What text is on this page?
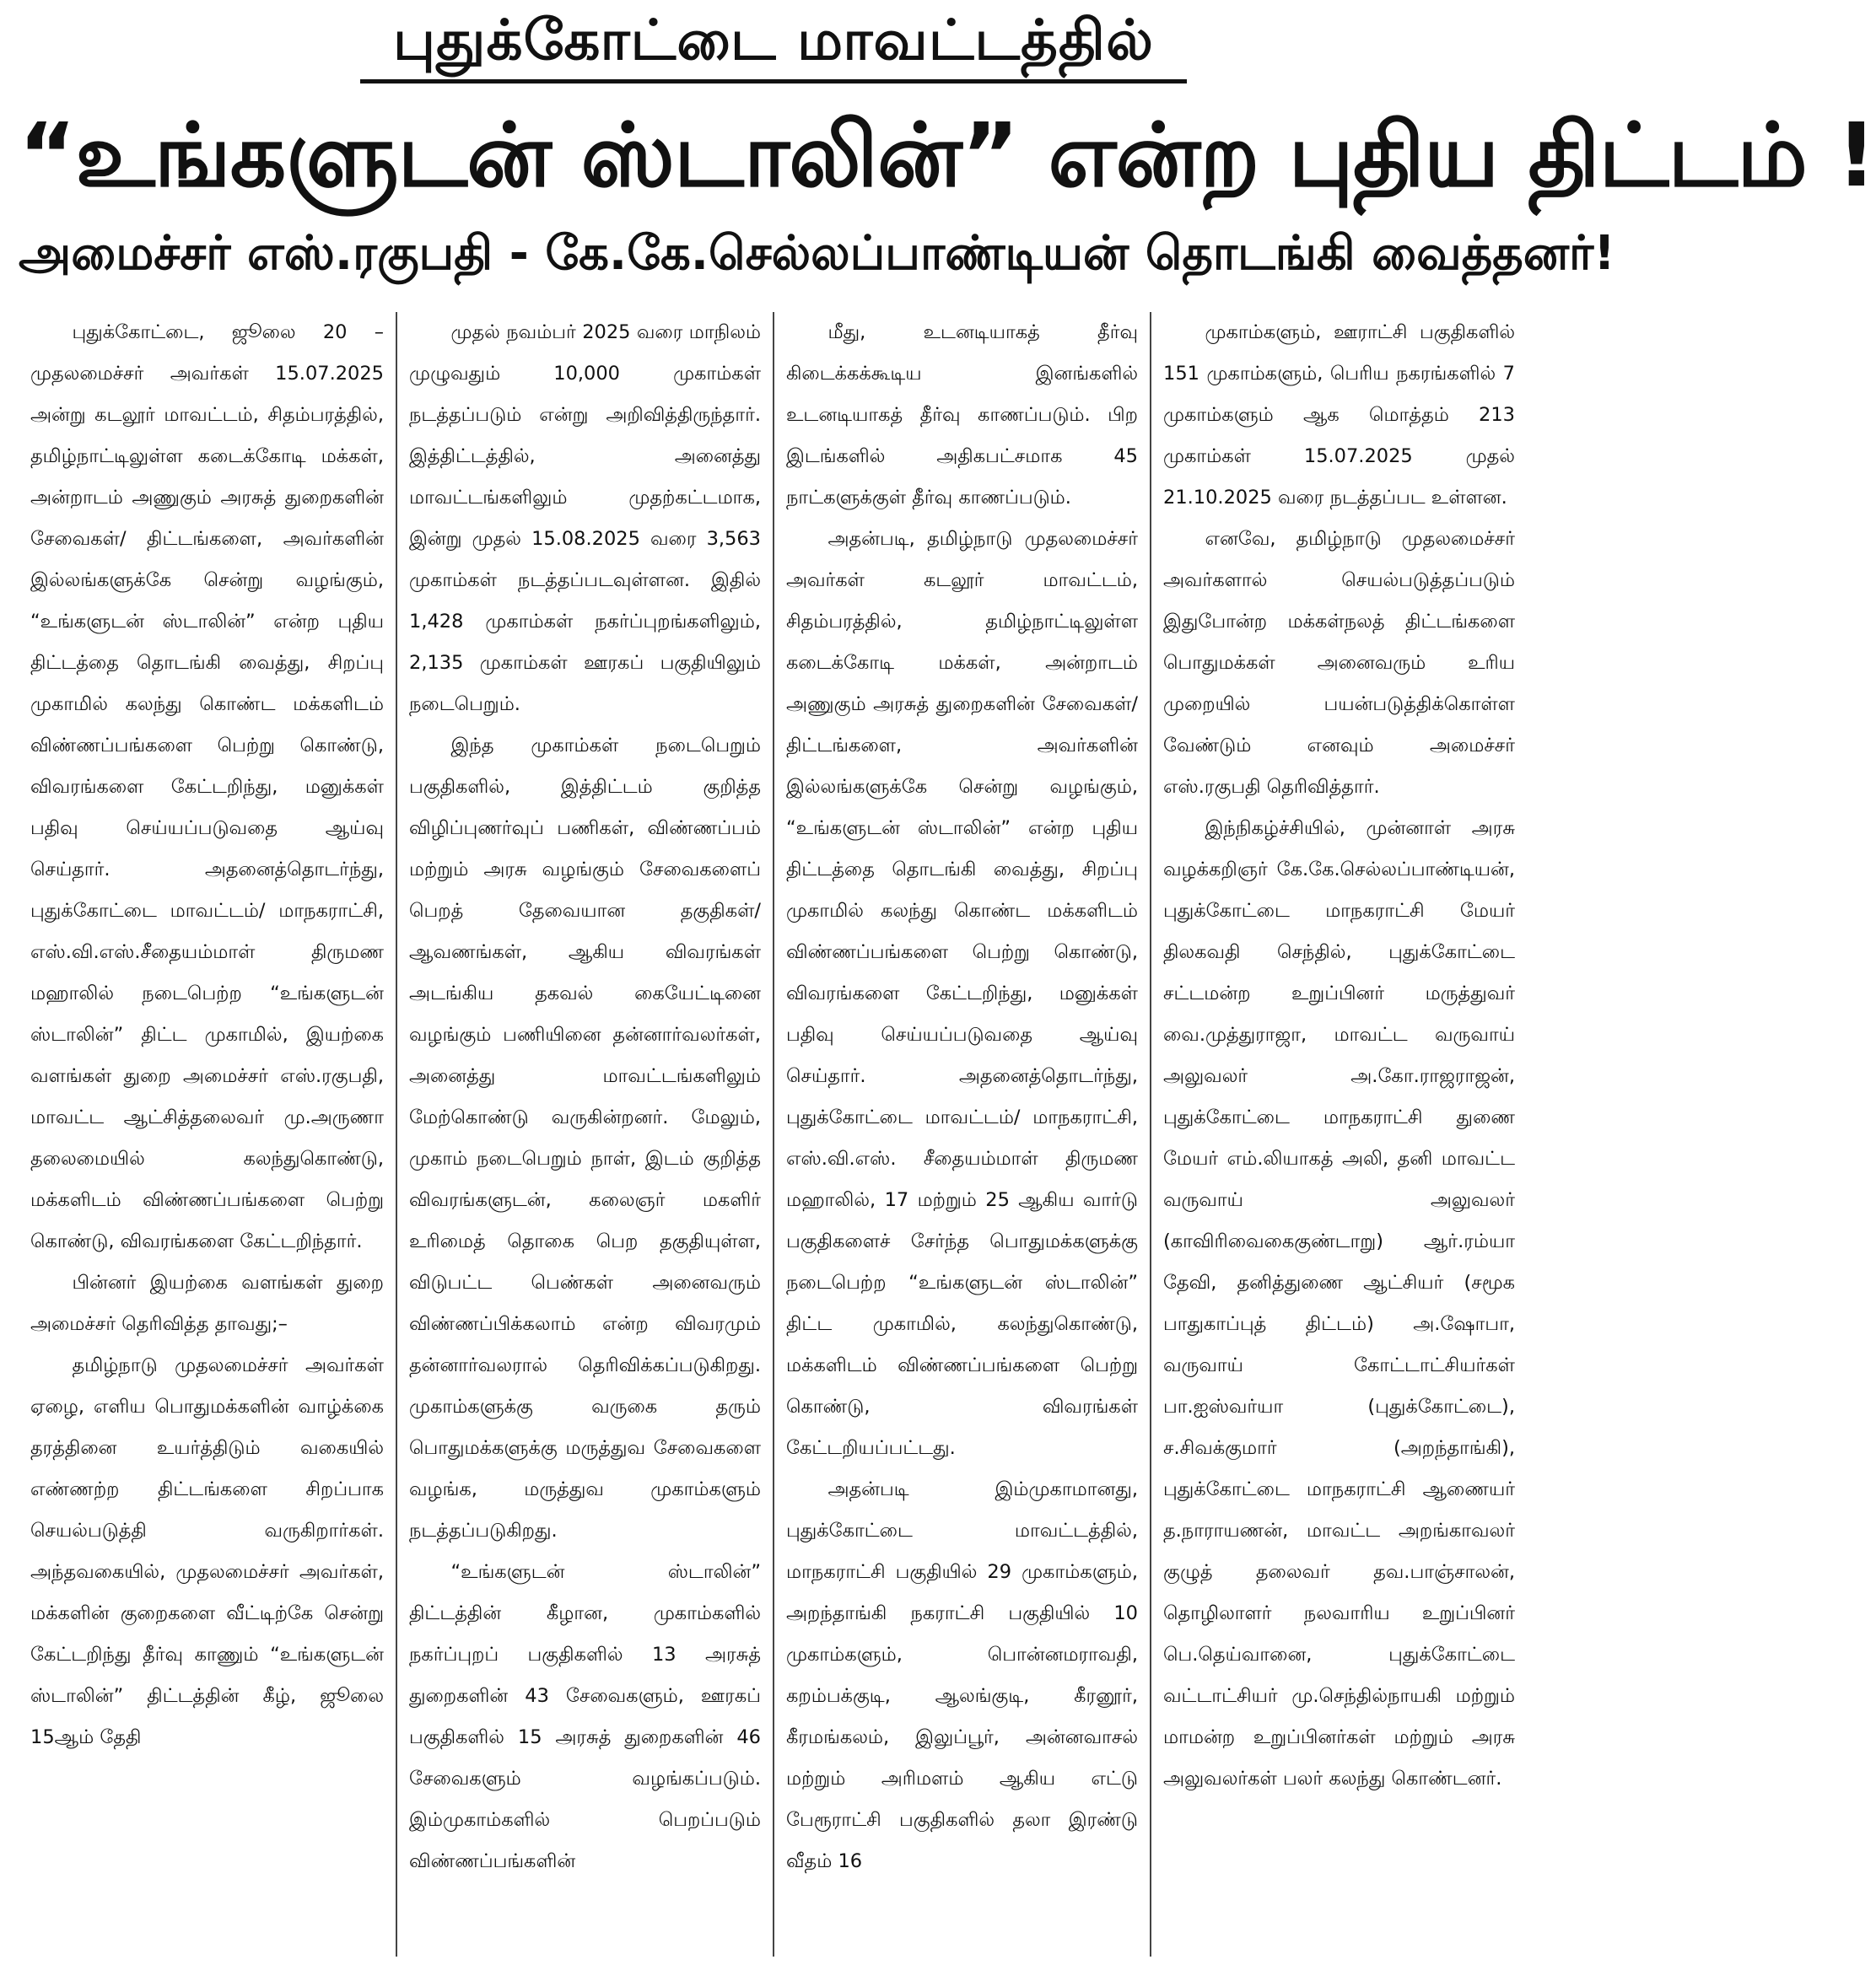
புதுக்கோட்டை மாவட்டத்தில்
“உங்களுடன் ஸ்டாலின்” என்ற புதிய திட்டம் !
அமைச்சர் எஸ்.ரகுபதி - கே.கே.செல்லப்பாண்டியன் தொடங்கி வைத்தனர்!

புதுக்கோட்டை, ஜூலை 20 – முதலமைச்சர் அவர்கள் 15.07.2025 அன்று கடலூர் மாவட்டம், சிதம்பரத்தில், தமிழ்நாட்டிலுள்ள கடைக்கோடி மக்கள், அன்றாடம் அணுகும் அரசுத் துறைகளின் சேவைகள்/ திட்டங்களை, அவர்களின் இல்லங்களுக்கே சென்று வழங்கும், “உங்களுடன் ஸ்டாலின்” என்ற புதிய திட்டத்தை தொடங்கி வைத்து, சிறப்பு முகாமில் கலந்து கொண்ட மக்களிடம் விண்ணப்பங்களை பெற்று கொண்டு, விவரங்களை கேட்டறிந்து, மனுக்கள் பதிவு செய்யப்படுவதை ஆய்வு செய்தார். அதனைத்தொடர்ந்து, புதுக்கோட்டை மாவட்டம்/ மாநகராட்சி, எஸ்.வி.எஸ்.சீதையம்மாள் திருமண மஹாலில் நடைபெற்ற “உங்களுடன் ஸ்டாலின்” திட்ட முகாமில், இயற்கை வளங்கள் துறை அமைச்சர் எஸ்.ரகுபதி, மாவட்ட ஆட்சித்தலைவர் மு.அருணா தலைமையில் கலந்துகொண்டு, மக்களிடம் விண்ணப்பங்களை பெற்று கொண்டு, விவரங்களை கேட்டறிந்தார்.

பின்னர் இயற்கை வளங்கள் துறை அமைச்சர் தெரிவித்த தாவது;–

தமிழ்நாடு முதலமைச்சர் அவர்கள் ஏழை, எளிய பொதுமக்களின் வாழ்க்கை தரத்தினை உயர்த்திடும் வகையில் எண்ணற்ற திட்டங்களை சிறப்பாக செயல்படுத்தி வருகிறார்கள். அந்தவகையில், முதலமைச்சர் அவர்கள், மக்களின் குறைகளை வீட்டிற்கே சென்று கேட்டறிந்து தீர்வு காணும் “உங்களுடன் ஸ்டாலின்” திட்டத்தின் கீழ், ஜூலை 15ஆம் தேதி

முதல் நவம்பர் 2025 வரை மாநிலம் முழுவதும் 10,000 முகாம்கள் நடத்தப்படும் என்று அறிவித்திருந்தார். இத்திட்டத்தில், அனைத்து மாவட்டங்களிலும் முதற்கட்டமாக, இன்று முதல் 15.08.2025 வரை 3,563 முகாம்கள் நடத்தப்படவுள்ளன. இதில் 1,428 முகாம்கள் நகர்ப்புறங்களிலும், 2,135 முகாம்கள் ஊரகப் பகுதியிலும் நடைபெறும்.

இந்த முகாம்கள் நடைபெறும் பகுதிகளில், இத்திட்டம் குறித்த விழிப்புணர்வுப் பணிகள், விண்ணப்பம் மற்றும் அரசு வழங்கும் சேவைகளைப் பெறத் தேவையான தகுதிகள்/ஆவணங்கள், ஆகிய விவரங்கள் அடங்கிய தகவல் கையேட்டினை வழங்கும் பணியினை தன்னார்வலர்கள், அனைத்து மாவட்டங்களிலும் மேற்கொண்டு வருகின்றனர். மேலும், முகாம் நடைபெறும் நாள், இடம் குறித்த விவரங்களுடன், கலைஞர் மகளிர் உரிமைத் தொகை பெற தகுதியுள்ள, விடுபட்ட பெண்கள் அனைவரும் விண்ணப்பிக்கலாம் என்ற விவரமும் தன்னார்வலரால் தெரிவிக்கப்படுகிறது. முகாம்களுக்கு வருகை தரும் பொதுமக்களுக்கு மருத்துவ சேவைகளை வழங்க, மருத்துவ முகாம்களும் நடத்தப்படுகிறது.

“உங்களுடன் ஸ்டாலின்” திட்டத்தின் கீழான, முகாம்களில் நகர்ப்புறப் பகுதிகளில் 13 அரசுத் துறைகளின் 43 சேவைகளும், ஊரகப் பகுதிகளில் 15 அரசுத் துறைகளின் 46 சேவைகளும் வழங்கப்படும். இம்முகாம்களில் பெறப்படும் விண்ணப்பங்களின்

மீது, உடனடியாகத் தீர்வு கிடைக்கக்கூடிய இனங்களில் உடனடியாகத் தீர்வு காணப்படும். பிற இடங்களில் அதிகபட்சமாக 45 நாட்களுக்குள் தீர்வு காணப்படும்.

அதன்படி, தமிழ்நாடு முதலமைச்சர் அவர்கள் கடலூர் மாவட்டம், சிதம்பரத்தில், தமிழ்நாட்டிலுள்ள கடைக்கோடி மக்கள், அன்றாடம் அணுகும் அரசுத் துறைகளின் சேவைகள்/ திட்டங்களை, அவர்களின் இல்லங்களுக்கே சென்று வழங்கும், “உங்களுடன் ஸ்டாலின்” என்ற புதிய திட்டத்தை தொடங்கி வைத்து, சிறப்பு முகாமில் கலந்து கொண்ட மக்களிடம் விண்ணப்பங்களை பெற்று கொண்டு, விவரங்களை கேட்டறிந்து, மனுக்கள் பதிவு செய்யப்படுவதை ஆய்வு செய்தார். அதனைத்தொடர்ந்து, புதுக்கோட்டை மாவட்டம்/ மாநகராட்சி, எஸ்.வி.எஸ். சீதையம்மாள் திருமண மஹாலில், 17 மற்றும் 25 ஆகிய வார்டு பகுதிகளைச் சேர்ந்த பொதுமக்களுக்கு நடைபெற்ற “உங்களுடன் ஸ்டாலின்” திட்ட முகாமில், கலந்துகொண்டு, மக்களிடம் விண்ணப்பங்களை பெற்று கொண்டு, விவரங்கள் கேட்டறியப்பட்டது.

அதன்படி இம்முகாமானது, புதுக்கோட்டை மாவட்டத்தில், மாநகராட்சி பகுதியில் 29 முகாம்களும், அறந்தாங்கி நகராட்சி பகுதியில் 10 முகாம்களும், பொன்னமராவதி, கறம்பக்குடி, ஆலங்குடி, கீரனூர், கீரமங்கலம், இலுப்பூர், அன்னவாசல் மற்றும் அரிமளம் ஆகிய எட்டு பேரூராட்சி பகுதிகளில் தலா இரண்டு வீதம் 16

முகாம்களும், ஊராட்சி பகுதிகளில் 151 முகாம்களும், பெரிய நகரங்களில் 7 முகாம்களும் ஆக மொத்தம் 213 முகாம்கள் 15.07.2025 முதல் 21.10.2025 வரை நடத்தப்பட உள்ளன.

எனவே, தமிழ்நாடு முதலமைச்சர் அவர்களால் செயல்படுத்தப்படும் இதுபோன்ற மக்கள்நலத் திட்டங்களை பொதுமக்கள் அனைவரும் உரிய முறையில் பயன்படுத்திக்கொள்ள வேண்டும் எனவும் அமைச்சர் எஸ்.ரகுபதி தெரிவித்தார்.

இந்நிகழ்ச்சியில், முன்னாள் அரசு வழக்கறிஞர் கே.கே.செல்லப்பாண்டியன், புதுக்கோட்டை மாநகராட்சி மேயர் திலகவதி செந்தில், புதுக்கோட்டை சட்டமன்ற உறுப்பினர் மருத்துவர் வை.முத்துராஜா, மாவட்ட வருவாய் அலுவலர் அ.கோ.ராஜராஜன், புதுக்கோட்டை மாநகராட்சி துணை மேயர் எம்.லியாகத் அலி, தனி மாவட்ட வருவாய் அலுவலர் (காவிரிவைகைகுண்டாறு) ஆர்.ரம்யா தேவி, தனித்துணை ஆட்சியர் (சமூக பாதுகாப்புத் திட்டம்) அ.ஷோபா, வருவாய் கோட்டாட்சியர்கள் பா.ஐஸ்வர்யா (புதுக்கோட்டை), ச.சிவக்குமார் (அறந்தாங்கி), புதுக்கோட்டை மாநகராட்சி ஆணையர் த.நாராயணன், மாவட்ட அறங்காவலர் குழுத் தலைவர் தவ.பாஞ்சாலன், தொழிலாளர் நலவாரிய உறுப்பினர் பெ.தெய்வானை, புதுக்கோட்டை வட்டாட்சியர் மு.செந்தில்நாயகி மற்றும் மாமன்ற உறுப்பினர்கள் மற்றும் அரசு அலுவலர்கள் பலர் கலந்து கொண்டனர்.
